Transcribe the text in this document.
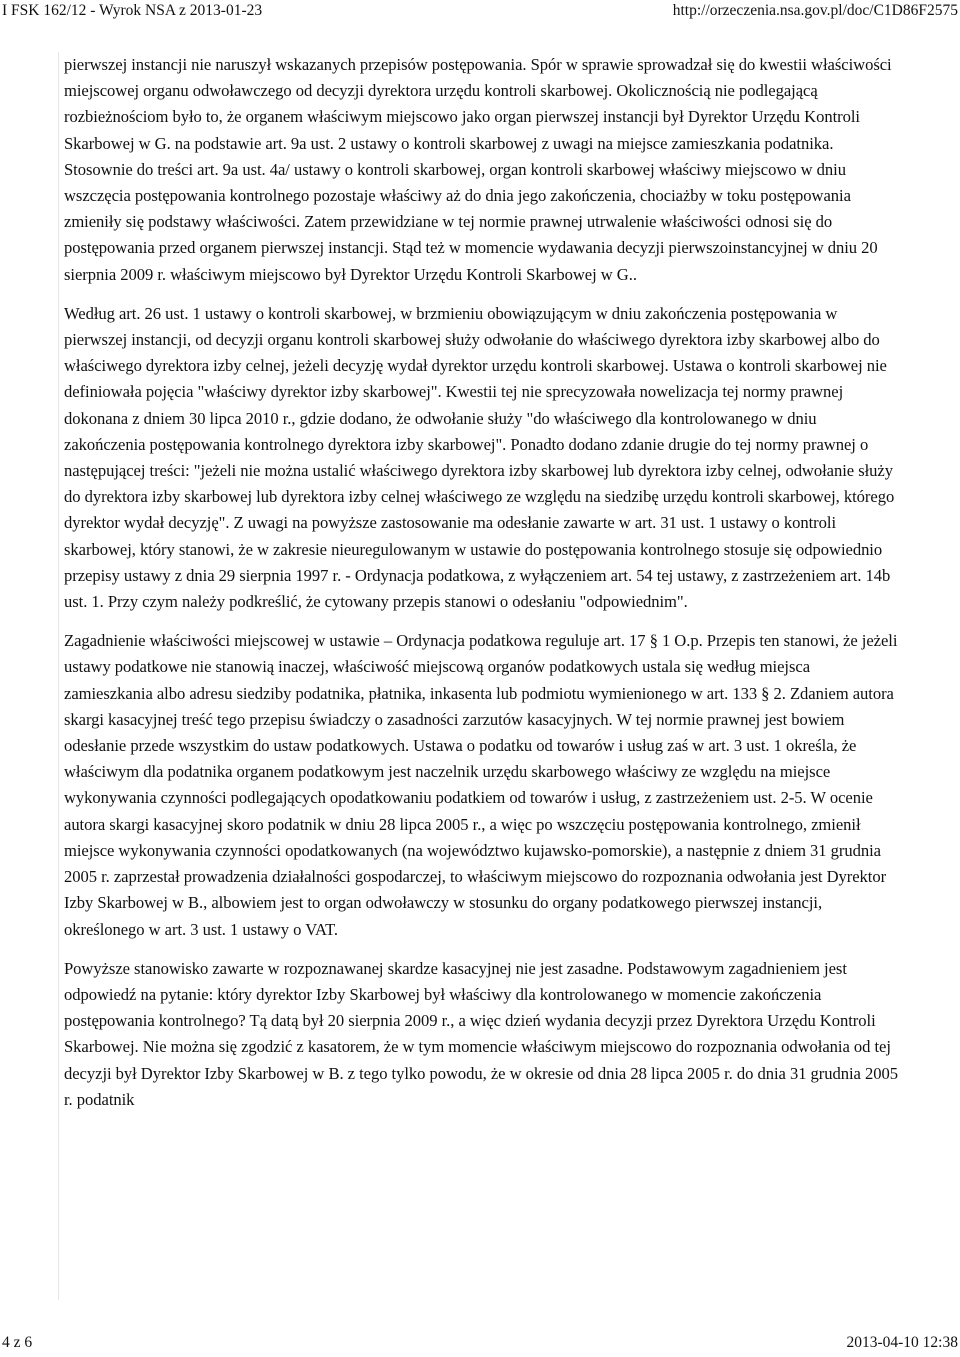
I FSK 162/12 - Wyrok NSA z 2013-01-23	http://orzeczenia.nsa.gov.pl/doc/C1D86F2575

pierwszej instancji nie naruszył wskazanych przepisów postępowania. Spór w sprawie sprowadzał się do kwestii właściwości miejscowej organu odwoławczego od decyzji dyrektora urzędu kontroli skarbowej. Okolicznością nie podlegającą rozbieżnościom było to, że organem właściwym miejscowo jako organ pierwszej instancji był Dyrektor Urzędu Kontroli Skarbowej w G. na podstawie art. 9a ust. 2 ustawy o kontroli skarbowej z uwagi na miejsce zamieszkania podatnika. Stosownie do treści art. 9a ust. 4a/ ustawy o kontroli skarbowej, organ kontroli skarbowej właściwy miejscowo w dniu wszczęcia postępowania kontrolnego pozostaje właściwy aż do dnia jego zakończenia, chociażby w toku postępowania zmieniły się podstawy właściwości. Zatem przewidziane w tej normie prawnej utrwalenie właściwości odnosi się do postępowania przed organem pierwszej instancji. Stąd też w momencie wydawania decyzji pierwszoinstancyjnej w dniu 20 sierpnia 2009 r. właściwym miejscowo był Dyrektor Urzędu Kontroli Skarbowej w G..

Według art. 26 ust. 1 ustawy o kontroli skarbowej, w brzmieniu obowiązującym w dniu zakończenia postępowania w pierwszej instancji, od decyzji organu kontroli skarbowej służy odwołanie do właściwego dyrektora izby skarbowej albo do właściwego dyrektora izby celnej, jeżeli decyzję wydał dyrektor urzędu kontroli skarbowej. Ustawa o kontroli skarbowej nie definiowała pojęcia "właściwy dyrektor izby skarbowej". Kwestii tej nie sprecyzowała nowelizacja tej normy prawnej dokonana z dniem 30 lipca 2010 r., gdzie dodano, że odwołanie służy "do właściwego dla kontrolowanego w dniu zakończenia postępowania kontrolnego dyrektora izby skarbowej". Ponadto dodano zdanie drugie do tej normy prawnej o następującej treści: "jeżeli nie można ustalić właściwego dyrektora izby skarbowej lub dyrektora izby celnej, odwołanie służy do dyrektora izby skarbowej lub dyrektora izby celnej właściwego ze względu na siedzibę urzędu kontroli skarbowej, którego dyrektor wydał decyzję". Z uwagi na powyższe zastosowanie ma odesłanie zawarte w art. 31 ust. 1 ustawy o kontroli skarbowej, który stanowi, że w zakresie nieuregulowanym w ustawie do postępowania kontrolnego stosuje się odpowiednio przepisy ustawy z dnia 29 sierpnia 1997 r. - Ordynacja podatkowa, z wyłączeniem art. 54 tej ustawy, z zastrzeżeniem art. 14b ust. 1. Przy czym należy podkreślić, że cytowany przepis stanowi o odesłaniu "odpowiednim".

Zagadnienie właściwości miejscowej w ustawie – Ordynacja podatkowa reguluje art. 17 § 1 O.p. Przepis ten stanowi, że jeżeli ustawy podatkowe nie stanowią inaczej, właściwość miejscową organów podatkowych ustala się według miejsca zamieszkania albo adresu siedziby podatnika, płatnika, inkasenta lub podmiotu wymienionego w art. 133 § 2. Zdaniem autora skargi kasacyjnej treść tego przepisu świadczy o zasadności zarzutów kasacyjnych. W tej normie prawnej jest bowiem odesłanie przede wszystkim do ustaw podatkowych. Ustawa o podatku od towarów i usług zaś w art. 3 ust. 1 określa, że właściwym dla podatnika organem podatkowym jest naczelnik urzędu skarbowego właściwy ze względu na miejsce wykonywania czynności podlegających opodatkowaniu podatkiem od towarów i usług, z zastrzeżeniem ust. 2-5. W ocenie autora skargi kasacyjnej skoro podatnik w dniu 28 lipca 2005 r., a więc po wszczęciu postępowania kontrolnego, zmienił miejsce wykonywania czynności opodatkowanych (na województwo kujawsko-pomorskie), a następnie z dniem 31 grudnia 2005 r. zaprzestał prowadzenia działalności gospodarczej, to właściwym miejscowo do rozpoznania odwołania jest Dyrektor Izby Skarbowej w B., albowiem jest to organ odwoławczy w stosunku do organy podatkowego pierwszej instancji, określonego w art. 3 ust. 1 ustawy o VAT.

Powyższe stanowisko zawarte w rozpoznawanej skardze kasacyjnej nie jest zasadne. Podstawowym zagadnieniem jest odpowiedź na pytanie: który dyrektor Izby Skarbowej był właściwy dla kontrolowanego w momencie zakończenia postępowania kontrolnego? Tą datą był 20 sierpnia 2009 r., a więc dzień wydania decyzji przez Dyrektora Urzędu Kontroli Skarbowej. Nie można się zgodzić z kasatorem, że w tym momencie właściwym miejscowo do rozpoznania odwołania od tej decyzji był Dyrektor Izby Skarbowej w B. z tego tylko powodu, że w okresie od dnia 28 lipca 2005 r. do dnia 31 grudnia 2005 r. podatnik

4 z 6	2013-04-10 12:38
